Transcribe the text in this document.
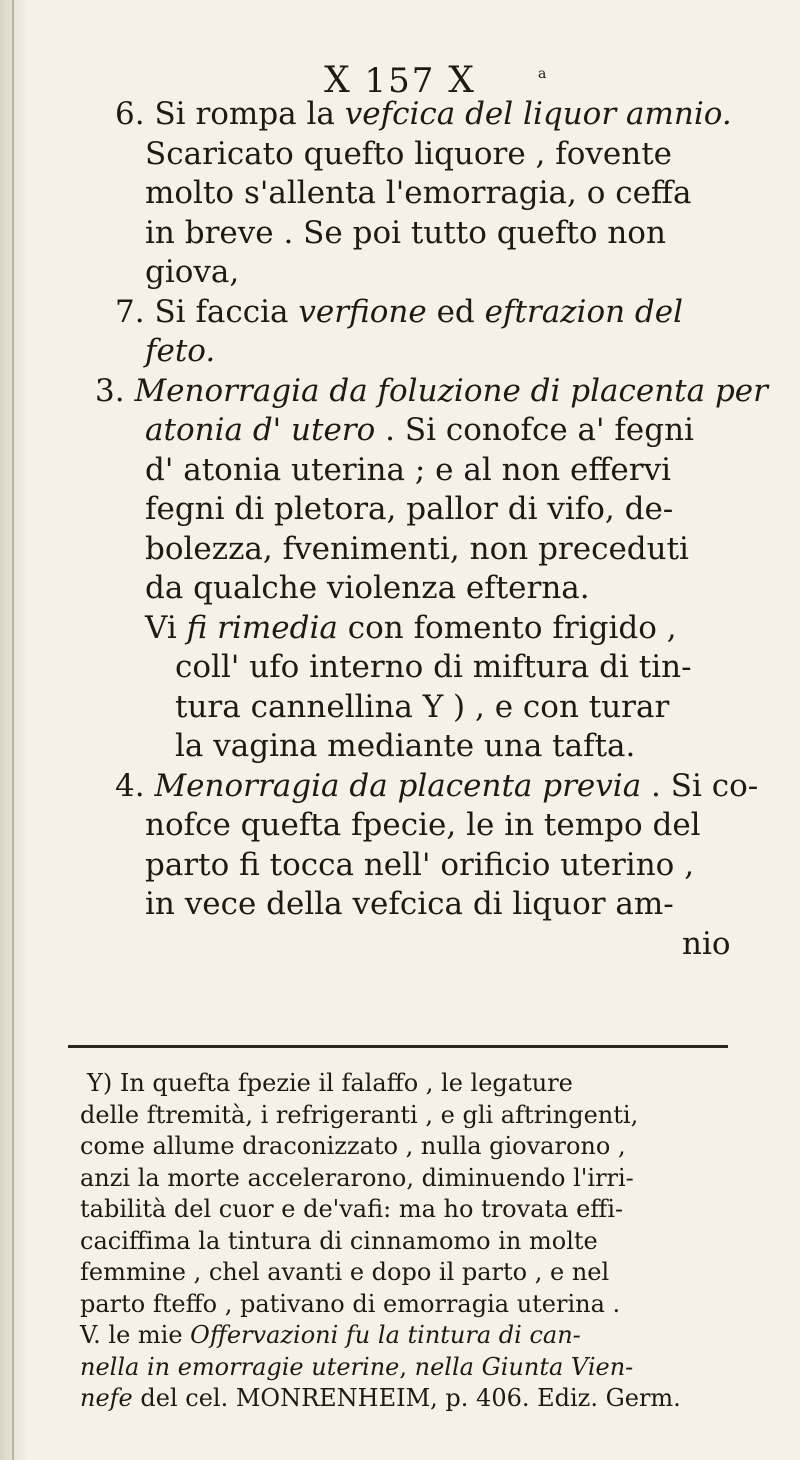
X 157 X	a
6. Si rompa la vefcica del liquor amnio.
Scaricato quefto liquore , fovente
molto s'allenta l'emorragia, o ceffa
in breve . Se poi tutto quefto non
giova,
7. Si faccia verfione ed eftrazion del
feto.
3. Menorragia da foluzione di placenta per
atonia d' utero . Si conofce a' fegni
d' atonia uterina ; e al non effervi
fegni di pletora, pallor di vifo, de-
bolezza, fvenimenti, non preceduti
da qualche violenza efterna.
Vi fi rimedia con fomento frigido ,
coll' ufo interno di miftura di tin-
tura cannellina Y ) , e con turar
la vagina mediante una tafta.
4. Menorragia da placenta previa . Si co-
nofce quefta fpecie, le in tempo del
parto fi tocca nell' orificio uterino ,
in vece della vefcica di liquor am-
nio
Y) In quefta fpezie il falaffo , le legature
delle ftremità, i refrigeranti , e gli aftringenti,
come allume draconizzato , nulla giovarono ,
anzi la morte accelerarono, diminuendo l'irri-
tabilità del cuor e de'vafi: ma ho trovata effi-
caciffima la tintura di cinnamomo in molte
femmine , chel avanti e dopo il parto , e nel
parto fteffo , pativano di emorragia uterina .
V. le mie Offervazioni fu la tintura di can-
nella in emorragie uterine, nella Giunta Vien-
nefe del cel. MONRENHEIM, p. 406. Ediz. Germ.
